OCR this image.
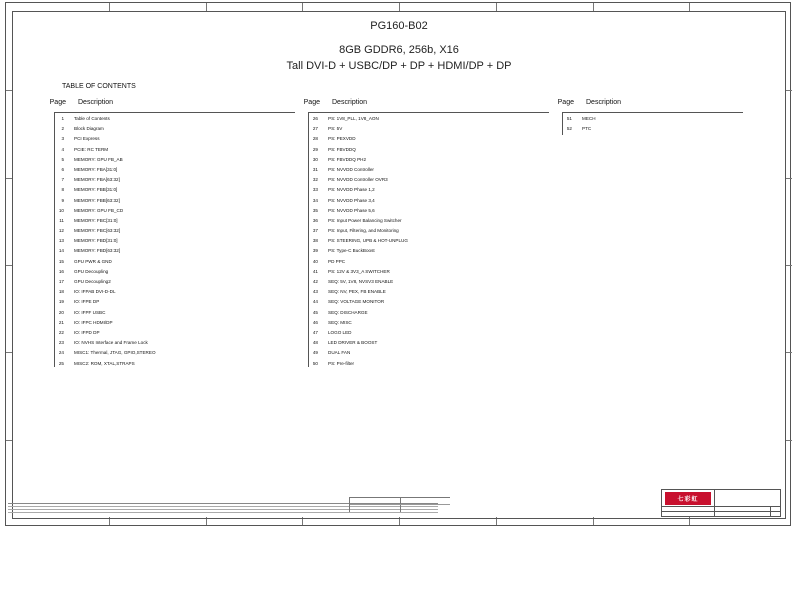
PG160-B02
8GB GDDR6, 256b, X16
Tall DVI-D + USBC/DP + DP + HDMI/DP + DP
TABLE OF CONTENTS
Page Description
1 Table of Contents
2 Block Diagram
3 PCI Express
4 PCIE: RC TERM
5 MEMORY: GPU FB_AB
6 MEMORY: FBA[31:0]
7 MEMORY: FBA[63:32]
8 MEMORY: FBB[31:0]
9 MEMORY: FBB[63:32]
10 MEMORY: GPU FB_CD
11 MEMORY: FBC[31:0]
12 MEMORY: FBC[63:32]
13 MEMORY: FBD[31:0]
14 MEMORY: FBD[63:32]
15 GPU PWR & GND
16 GPU Decoupling
17 GPU Decoupling2
18 IO: IFPAB DVI-D-DL
19 IO: IFPE DP
20 IO: IFPF USBC
21 IO: IFPC HDMI/DP
22 IO: IFPD DP
23 IO: NVHS Interface and Frame Lock
24 MISC1: Thermal, JTAG, GPIO,STEREO
25 MISC2: ROM, XTAL,STRAPS
Page Description
26 PS: 1V8_PLL, 1V8_AON
27 PS: 5V
28 PS: PEXVDD
29 PS: FBVDDQ
30 PS: FBVDDQ PH2
31 PS: NVVDD Controller
32 PS: NVVDD Controller OVR3
33 PS: NVVDD Phase 1,2
34 PS: NVVDD Phase 3,4
35 PS: NVVDD Phase 5,6
36 PS: Input Power Balancing Switcher
37 PS: Input, Filtering, and Monitoring
38 PS: STEERING, UPB & HOT-UNPLUG
39 PS: Type-C BuckBoost
40 PD PPC
41 PS: 12V & 3V3_A SWITCHER
42 SEQ: 5V, 1V8, NVSV3 ENABLE
43 SEQ: NV, PEX, FB ENABLE
44 SEQ: VOLTAGE MONITOR
45 SEQ: DISCHARGE
46 SEQ: MISC
47 LOGO LED
48 LED DRIVER & BOOST
49 DUAL FAN
50 PS: Pre-filter
Page Description
51 MECH
52 PTC
七彩虹
